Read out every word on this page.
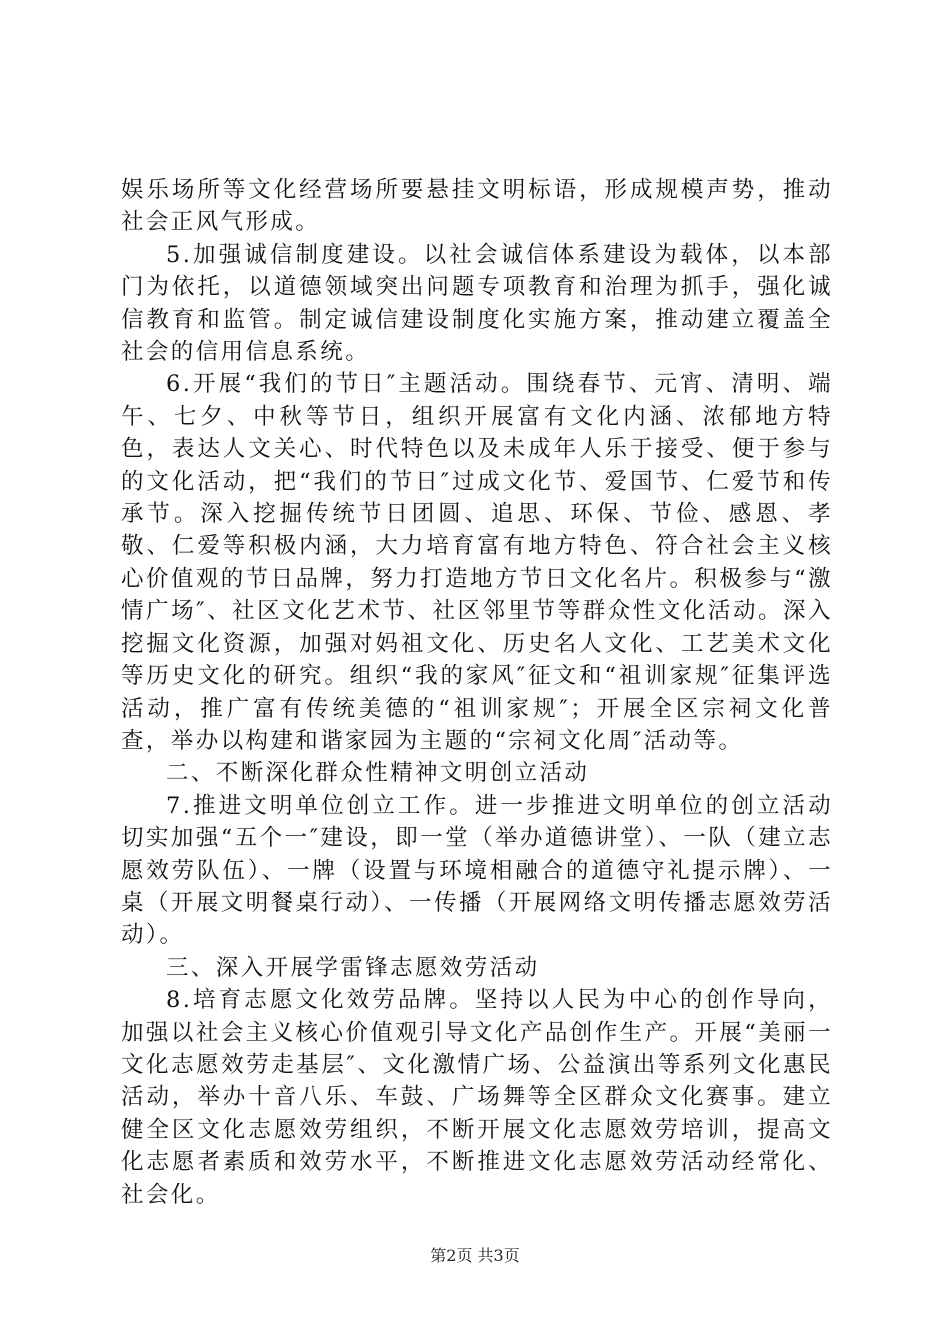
娱乐场所等文化经营场所要悬挂文明标语，形成规模声势，推动社会正风气形成。

5.加强诚信制度建设。以社会诚信体系建设为载体，以本部门为依托，以道德领域突出问题专项教育和治理为抓手，强化诚信教育和监管。制定诚信建设制度化实施方案，推动建立覆盖全社会的信用信息系统。

6.开展“我们的节日″主题活动。围绕春节、元宵、清明、端午、七夕、中秋等节日，组织开展富有文化内涵、浓郁地方特色，表达人文关心、时代特色以及未成年人乐于接受、便于参与的文化活动，把“我们的节日″过成文化节、爱国节、仁爱节和传承节。深入挖掘传统节日团圆、追思、环保、节俭、感恩、孝敬、仁爱等积极内涵，大力培育富有地方特色、符合社会主义核心价值观的节日品牌，努力打造地方节日文化名片。积极参与“激情广场″、社区文化艺术节、社区邻里节等群众性文化活动。深入挖掘文化资源，加强对妈祖文化、历史名人文化、工艺美术文化等历史文化的研究。组织“我的家风″征文和“祖训家规″征集评选活动，推广富有传统美德的“祖训家规″；开展全区宗祠文化普查，举办以构建和谐家园为主题的“宗祠文化周″活动等。

二、不断深化群众性精神文明创立活动

7.推进文明单位创立工作。进一步推进文明单位的创立活动切实加强“五个一″建设，即一堂（举办道德讲堂）、一队（建立志愿效劳队伍）、一牌（设置与环境相融合的道德守礼提示牌）、一桌（开展文明餐桌行动）、一传播（开展网络文明传播志愿效劳活动）。

三、深入开展学雷锋志愿效劳活动

8.培育志愿文化效劳品牌。坚持以人民为中心的创作导向，加强以社会主义核心价值观引导文化产品创作生产。开展“美丽一文化志愿效劳走基层″、文化激情广场、公益演出等系列文化惠民活动，举办十音八乐、车鼓、广场舞等全区群众文化赛事。建立健全区文化志愿效劳组织，不断开展文化志愿效劳培训，提高文化志愿者素质和效劳水平，不断推进文化志愿效劳活动经常化、社会化。

第2页 共3页
